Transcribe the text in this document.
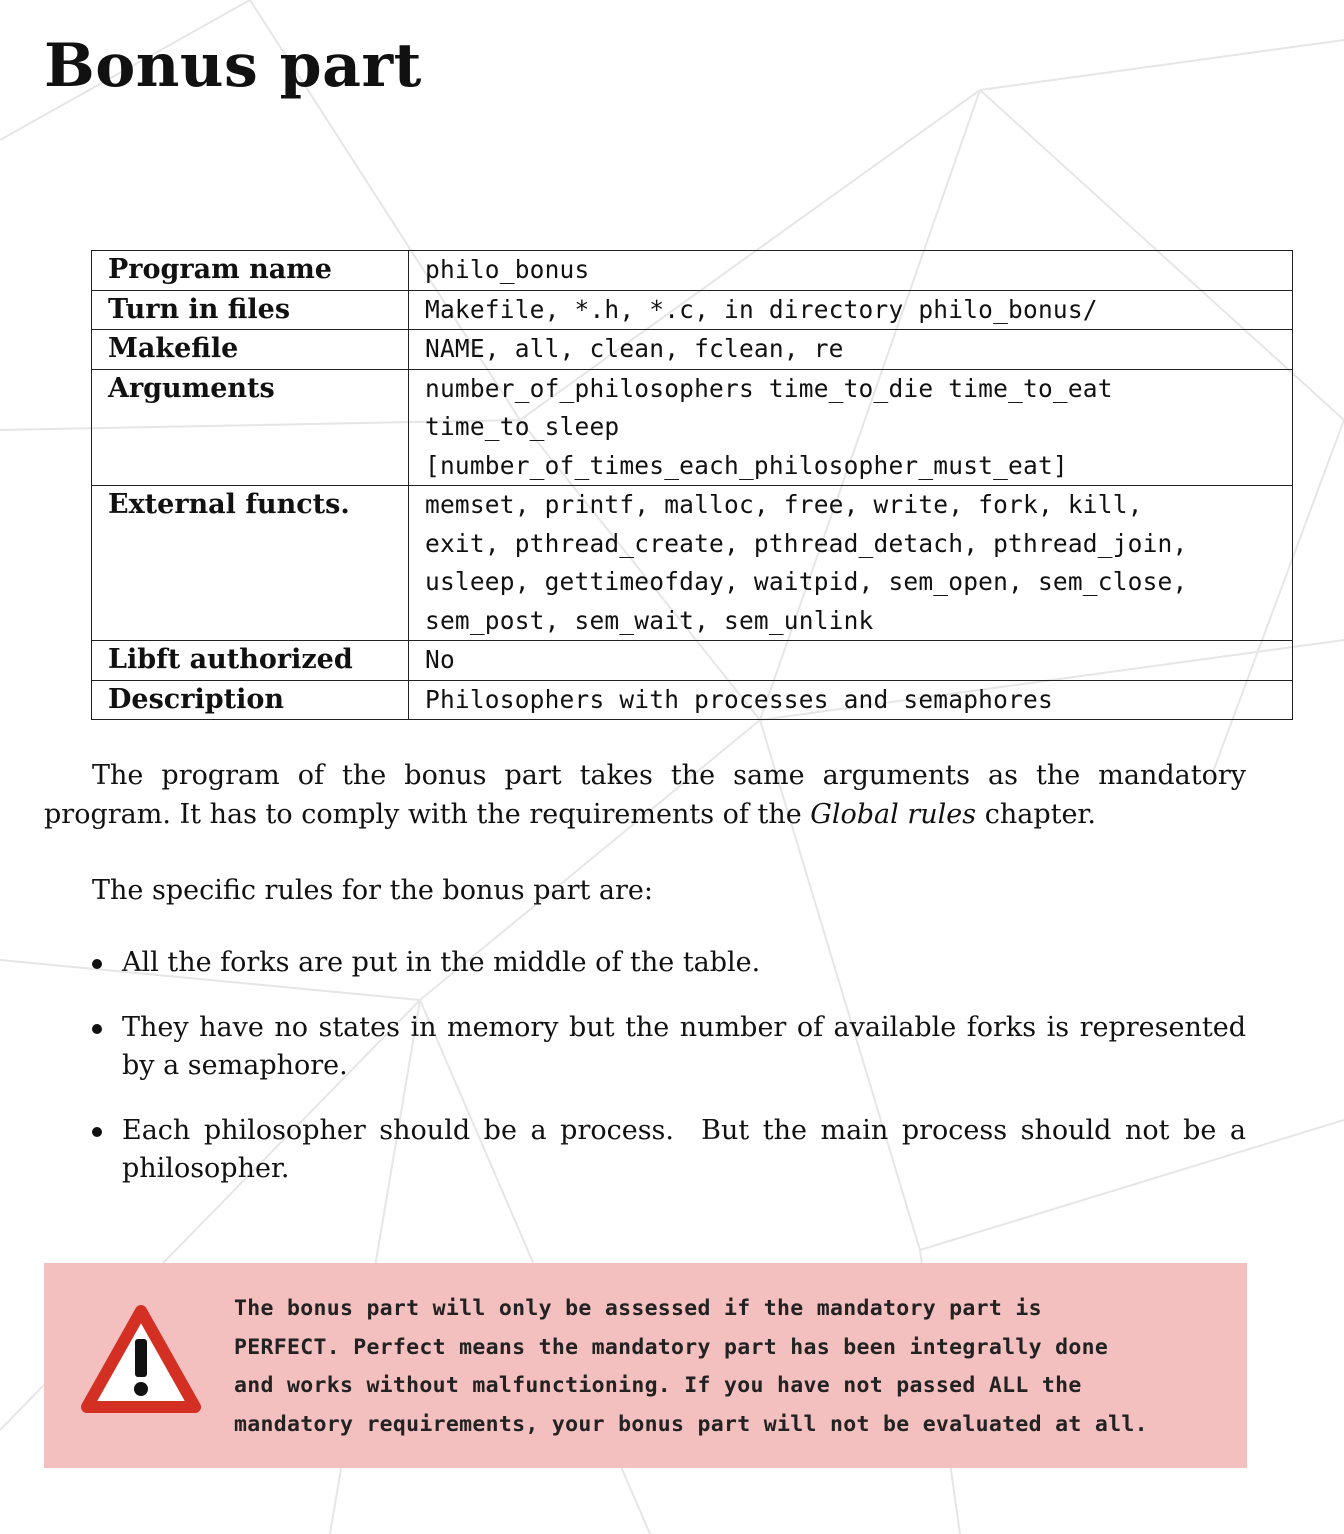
Bonus part
Program name	philo_bonus

Turn in files	Makefile, *.h, *.c, in directory philo_bonus/

Makefile	NAME, all, clean, fclean, re

Arguments	number_of_philosophers time_to_die time_to_eat
time_to_sleep
[number_of_times_each_philosopher_must_eat]

External functs.	memset, printf, malloc, free, write, fork, kill,
exit, pthread_create, pthread_detach, pthread_join,
usleep, gettimeofday, waitpid, sem_open, sem_close,
sem_post, sem_wait, sem_unlink

Libft authorized	No

Description	Philosophers with processes and semaphores

The program of the bonus part takes the same arguments as the mandatory program. It has to comply with the requirements of the Global rules chapter.

The specific rules for the bonus part are:

All the forks are put in the middle of the table.
They have no states in memory but the number of available forks is represented by a semaphore.
Each philosopher should be a process.  But the main process should not be a philosopher.

The bonus part will only be assessed if the mandatory part is
PERFECT. Perfect means the mandatory part has been integrally done
and works without malfunctioning. If you have not passed ALL the
mandatory requirements, your bonus part will not be evaluated at all.
